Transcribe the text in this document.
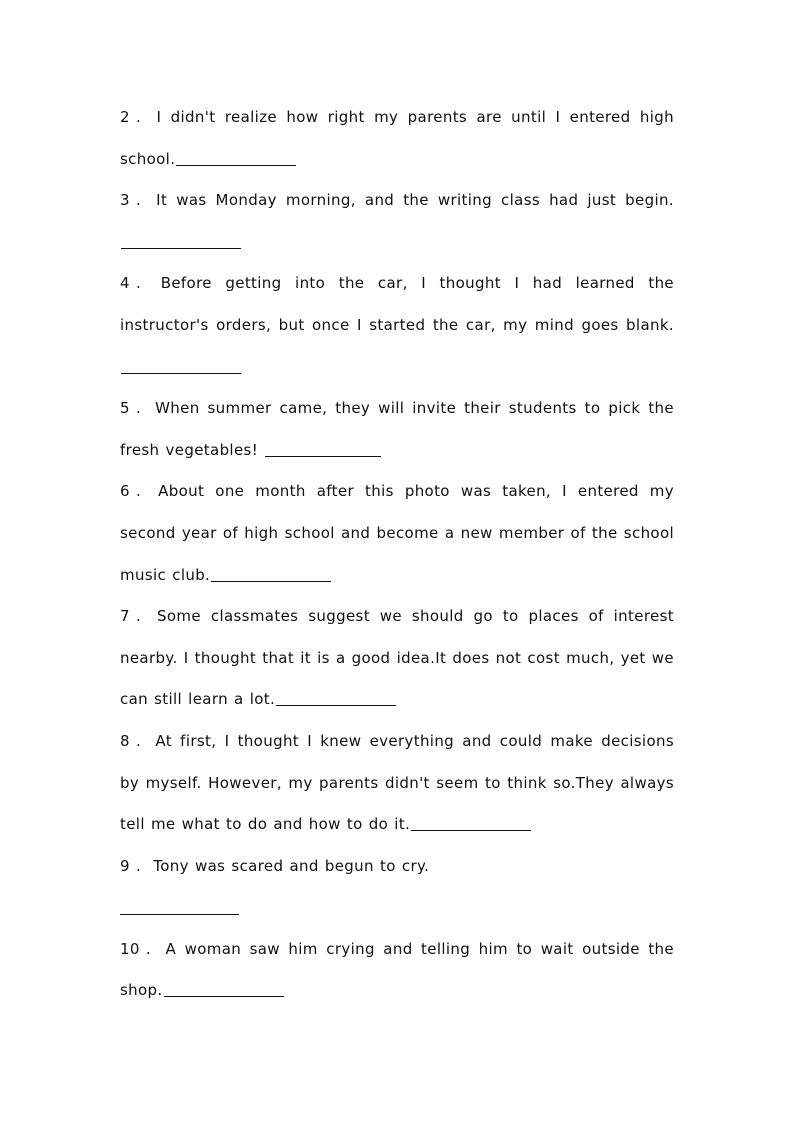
2 . I didn't realize how right my parents are until I entered high school.

3 . It was Monday morning, and the writing class had just begin.

4 . Before getting into the car, I thought I had learned the instructor's orders, but once I started the car, my mind goes blank.

5 . When summer came, they will invite their students to pick the fresh vegetables!

6 . About one month after this photo was taken, I entered my second year of high school and become a new member of the school music club.

7 . Some classmates suggest we should go to places of interest nearby. I thought that it is a good idea.It does not cost much, yet we can still learn a lot.

8 . At first, I thought I knew everything and could make decisions by myself. However, my parents didn't seem to think so.They always tell me what to do and how to do it.

9 . Tony was scared and begun to cry.

10 . A woman saw him crying and telling him to wait outside the shop.
